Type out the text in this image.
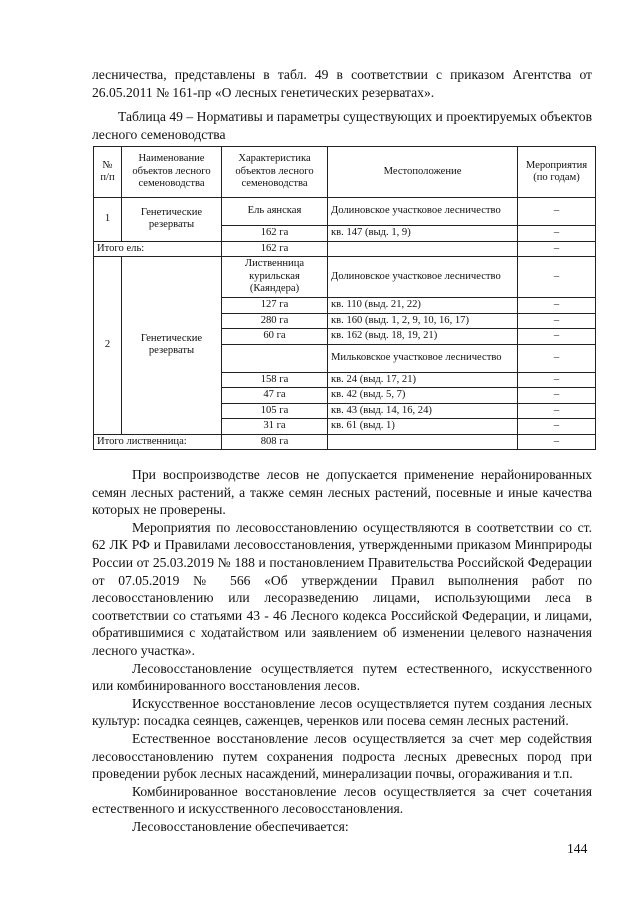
лесничества, представлены в табл. 49 в соответствии с приказом Агентства от 26.05.2011 № 161-пр «О лесных генетических резерватах».
Таблица 49 – Нормативы и параметры существующих и проектируемых объектов лесного семеноводства
№ п/п	Наименование объектов лесного семеноводства	Характеристика объектов лесного семеноводства	Местоположение	Мероприятия (по годам)
1	Генетические резерваты	Ель аянская	Долиновское участковое лесничество	–
		162 га	кв. 147 (выд. 1, 9)	–
Итого ель:		162 га		–
2	Генетические резерваты	Лиственница курильская (Каяндера)	Долиновское участковое лесничество	–
		127 га	кв. 110 (выд. 21, 22)	–
		280 га	кв. 160 (выд. 1, 2, 9, 10, 16, 17)	–
		60 га	кв. 162 (выд. 18, 19, 21)	–
			Мильковское участковое лесничество	–
		158 га	кв. 24 (выд. 17, 21)	–
		47 га	кв. 42 (выд. 5, 7)	–
		105 га	кв. 43 (выд. 14, 16, 24)	–
		31 га	кв. 61 (выд. 1)	–
Итого лиственница:		808 га		–

При воспроизводстве лесов не допускается применение нерайонированных семян лесных растений, а также семян лесных растений, посевные и иные качества которых не проверены.

Мероприятия по лесовосстановлению осуществляются в соответствии со ст. 62 ЛК РФ и Правилами лесовосстановления, утвержденными приказом Минприроды России от 25.03.2019 № 188 и постановлением Правительства Российской Федерации от 07.05.2019 № 566 «Об утверждении Правил выполнения работ по лесовосстановлению или лесоразведению лицами, использующими леса в соответствии со статьями 43 - 46 Лесного кодекса Российской Федерации, и лицами, обратившимися с ходатайством или заявлением об изменении целевого назначения лесного участка».

Лесовосстановление осуществляется путем естественного, искусственного или комбинированного восстановления лесов.

Искусственное восстановление лесов осуществляется путем создания лесных культур: посадка сеянцев, саженцев, черенков или посева семян лесных растений.

Естественное восстановление лесов осуществляется за счет мер содействия лесовосстановлению путем сохранения подроста лесных древесных пород при проведении рубок лесных насаждений, минерализации почвы, огораживания и т.п.

Комбинированное восстановление лесов осуществляется за счет сочетания естественного и искусственного лесовосстановления.

Лесовосстановление обеспечивается:

144
